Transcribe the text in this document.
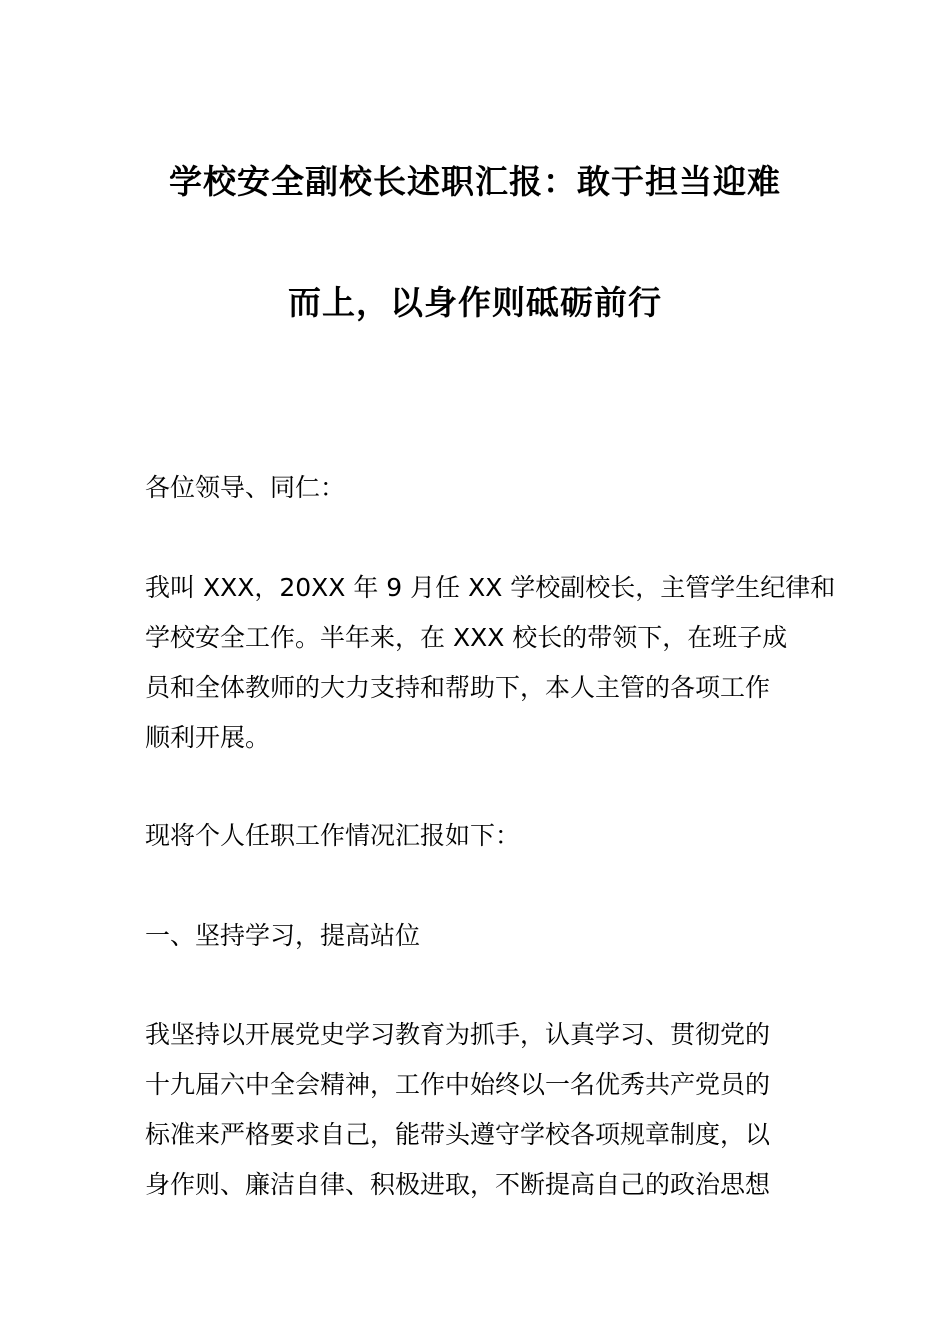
学校安全副校长述职汇报：敢于担当迎难
而上，以身作则砥砺前行

各位领导、同仁：

我叫 XXX，20XX 年 9 月任 XX 学校副校长，主管学生纪律和
学校安全工作。半年来，在 XXX 校长的带领下，在班子成
员和全体教师的大力支持和帮助下，本人主管的各项工作
顺利开展。

现将个人任职工作情况汇报如下：

一、坚持学习，提高站位

我坚持以开展党史学习教育为抓手，认真学习、贯彻党的
十九届六中全会精神，工作中始终以一名优秀共产党员的
标准来严格要求自己，能带头遵守学校各项规章制度，以
身作则、廉洁自律、积极进取，不断提高自己的政治思想
